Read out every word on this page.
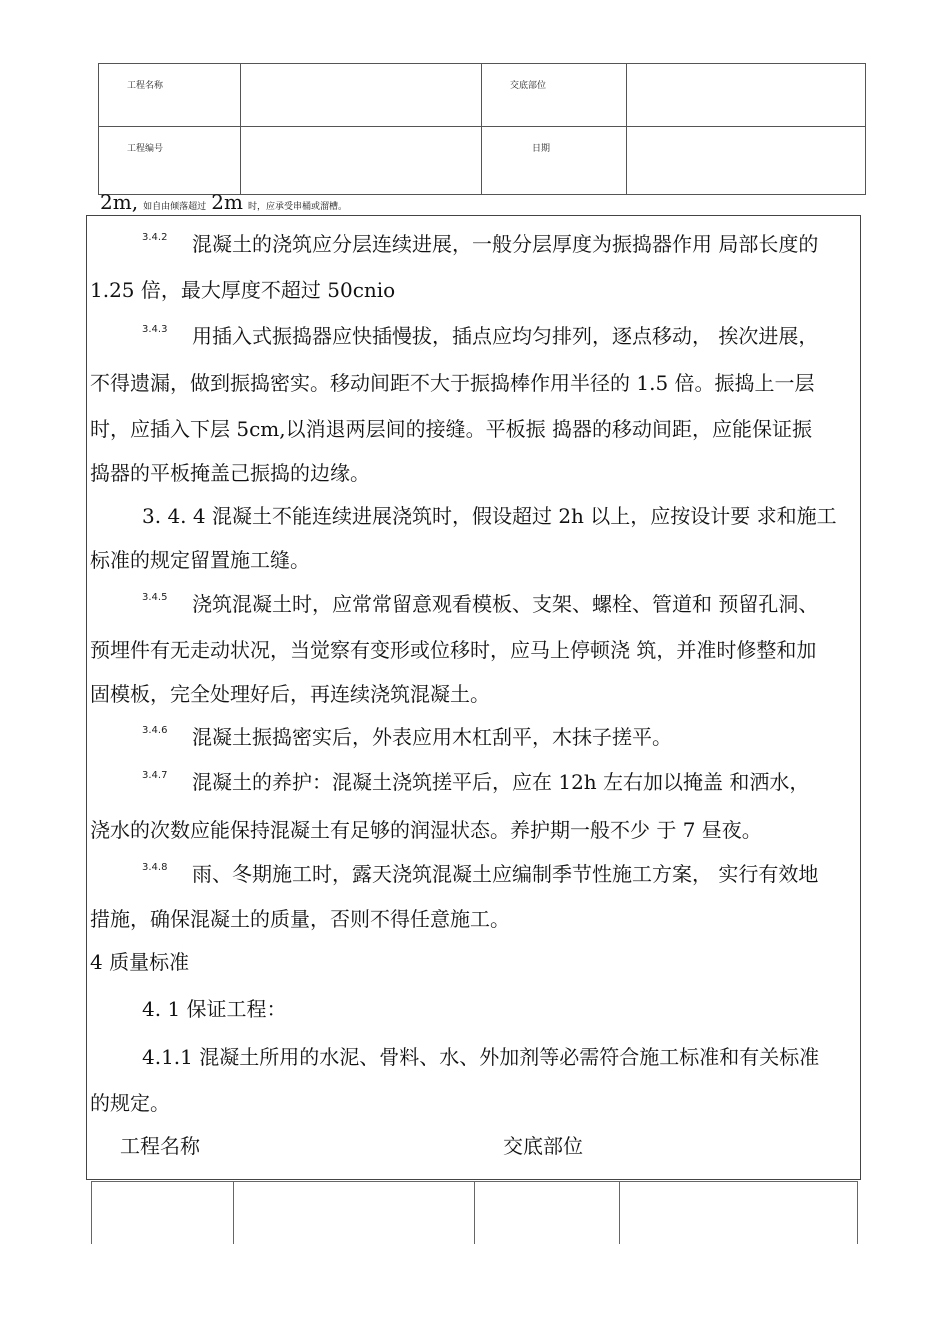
工程名称		交底部位	

工程编号		日期	

2m, 如自由倾落超过 2m 时，应承受串桶或溜槽。
3.4.2 混凝土的浇筑应分层连续进展，一般分层厚度为振捣器作用 局部长度的
1.25 倍，最大厚度不超过 50cnio
3.4.3 用插入式振捣器应快插慢拔，插点应均匀排列，逐点移动， 挨次进展，
不得遗漏，做到振捣密实。移动间距不大于振捣棒作用半径的 1.5 倍。振捣上一层
时，应插入下层 5cm,以消退两层间的接缝。平板振 捣器的移动间距，应能保证振
捣器的平板掩盖己振捣的边缘。
3. 4. 4 混凝土不能连续进展浇筑时，假设超过 2h 以上，应按设计要 求和施工
标准的规定留置施工缝。
3.4.5 浇筑混凝土时，应常常留意观看模板、支架、螺栓、管道和 预留孔洞、
预埋件有无走动状况，当觉察有变形或位移时，应马上停顿浇 筑，并准时修整和加
固模板，完全处理好后，再连续浇筑混凝土。
3.4.6 混凝土振捣密实后，外表应用木杠刮平，木抹子搓平。
3.4.7 混凝土的养护：混凝土浇筑搓平后，应在 12h 左右加以掩盖 和洒水，
浇水的次数应能保持混凝土有足够的润湿状态。养护期一般不少 于 7 昼夜。
3.4.8 雨、冬期施工时，露天浇筑混凝土应编制季节性施工方案， 实行有效地
措施，确保混凝土的质量，否则不得任意施工。
4 质量标准
4. 1 保证工程：
4.1.1 混凝土所用的水泥、骨料、水、外加剂等必需符合施工标准和有关标准
的规定。
工程名称	交底部位
